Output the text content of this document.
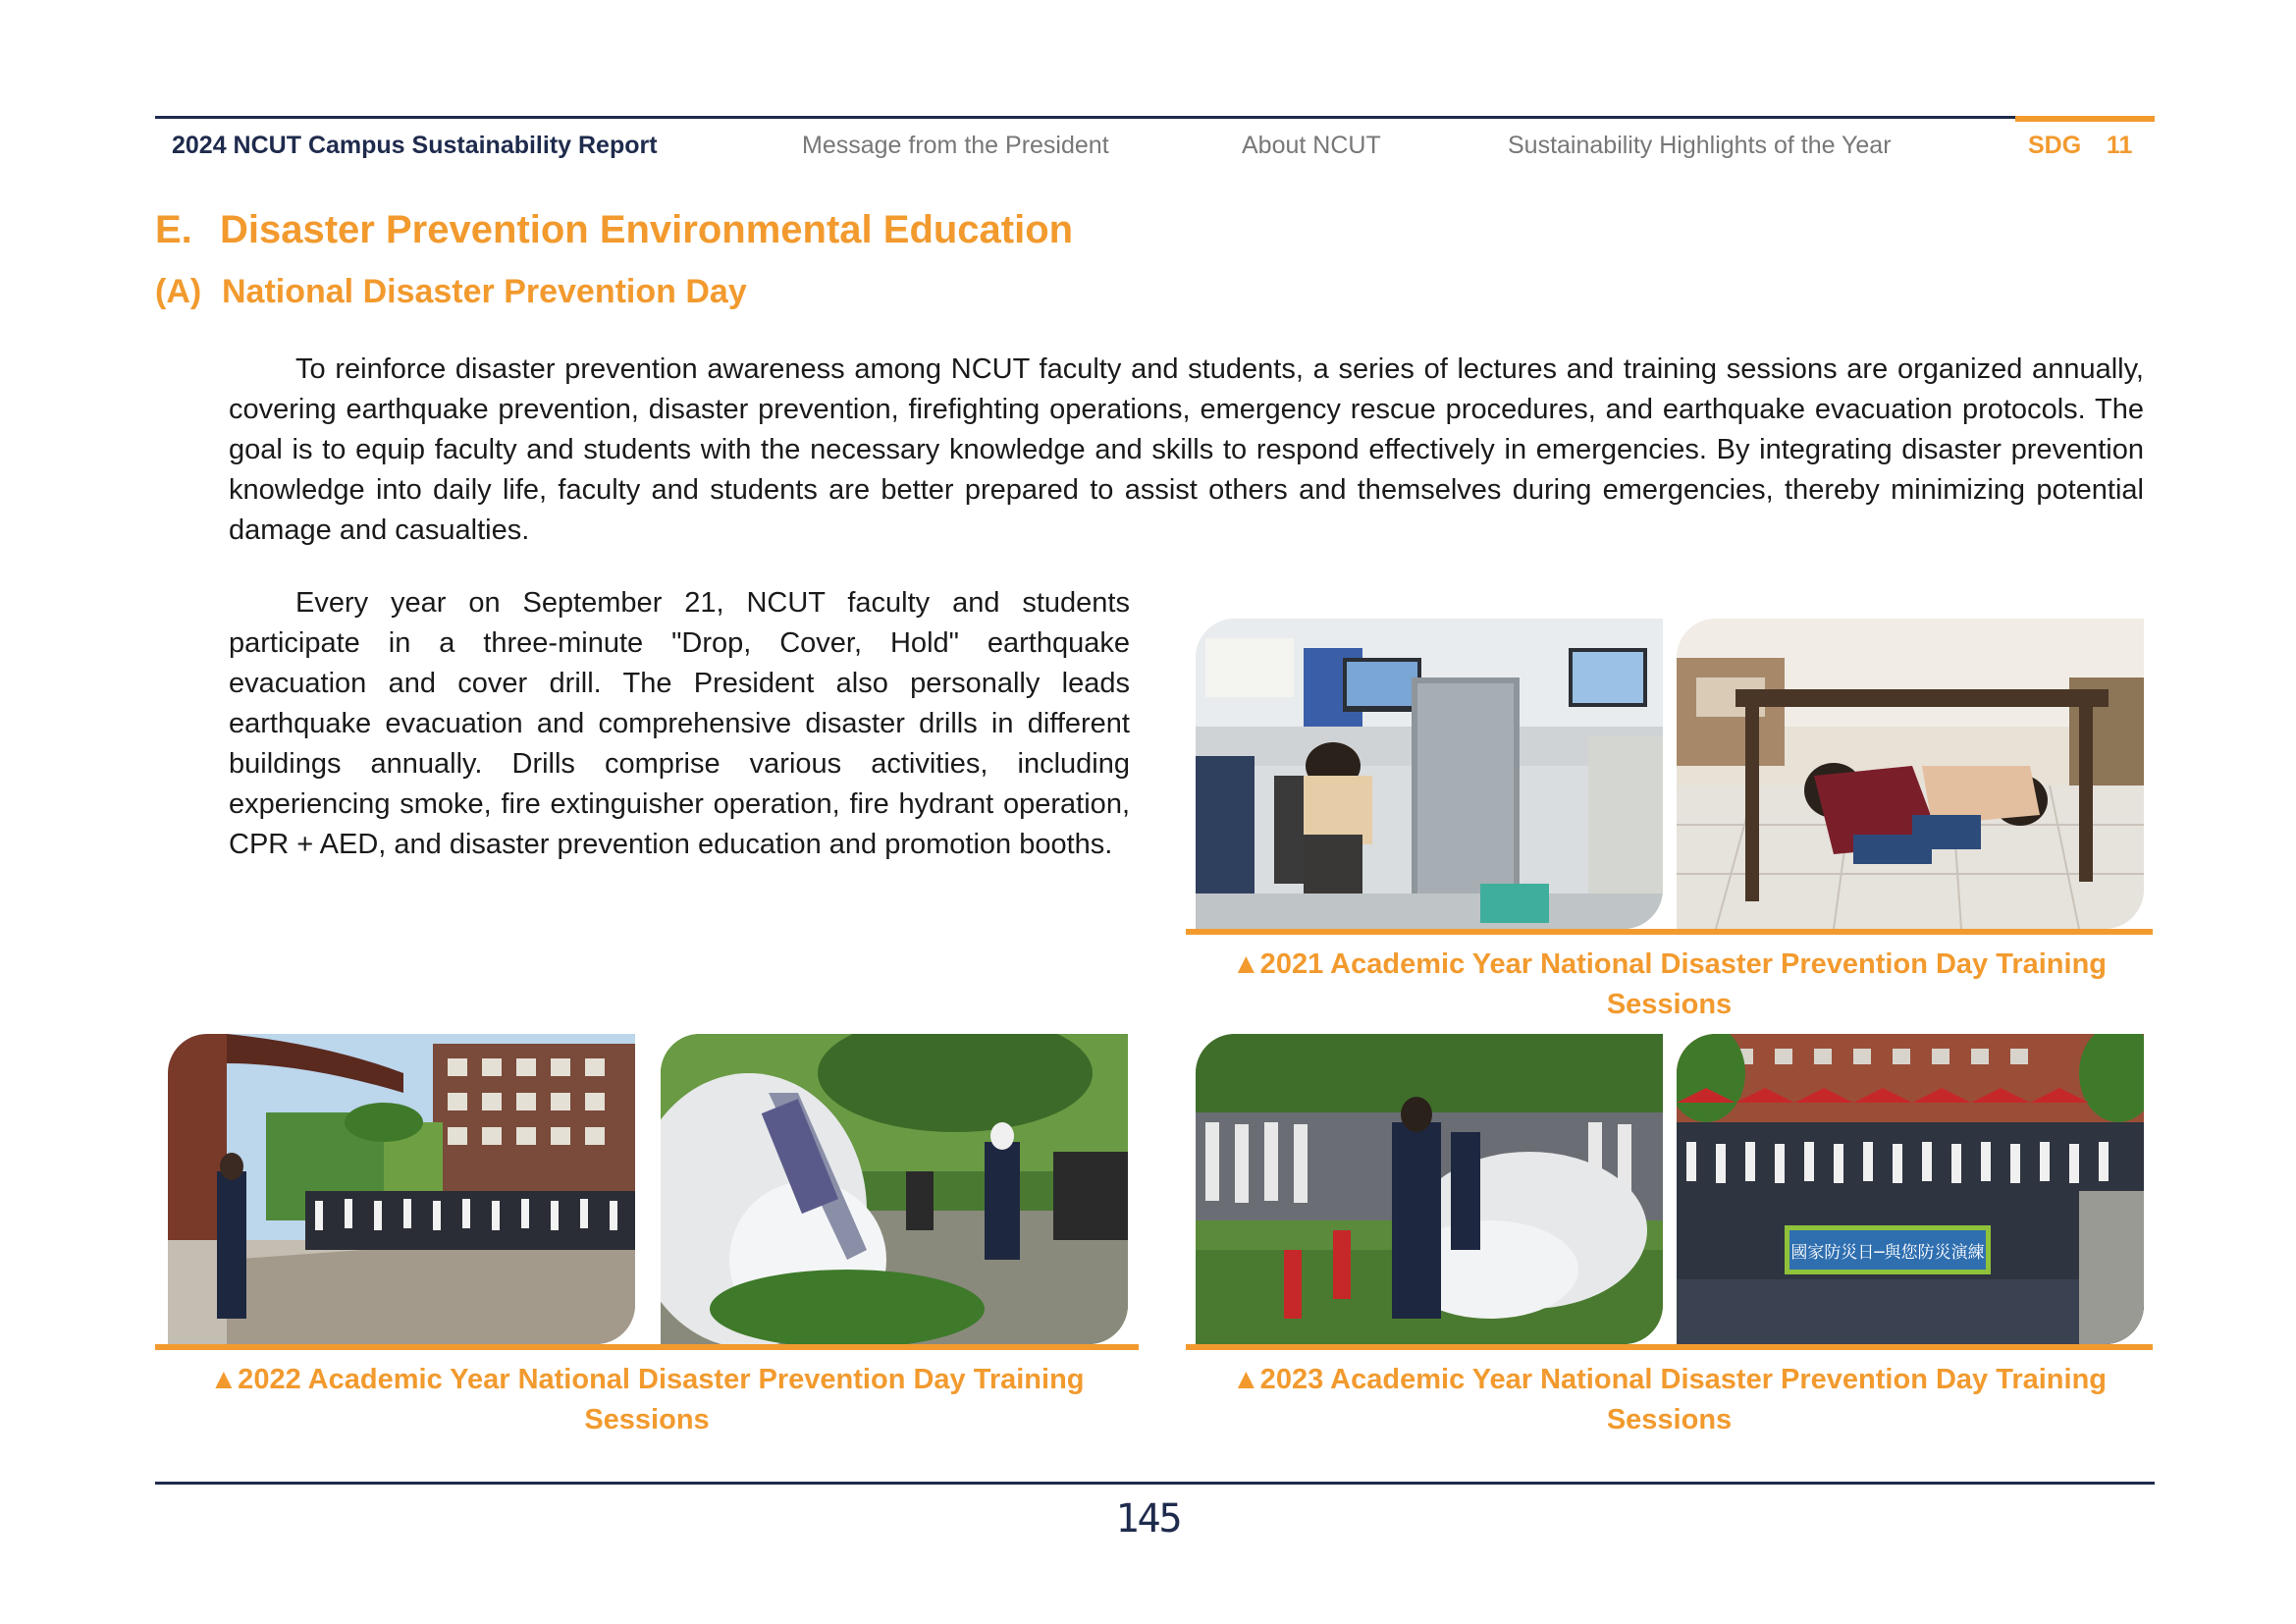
2024 NCUT Campus Sustainability Report	Message from the President	About NCUT	Sustainability Highlights of the Year	SDG 11
E. Disaster Prevention Environmental Education
(A) National Disaster Prevention Day

To reinforce disaster prevention awareness among NCUT faculty and students, a series of lectures and training sessions are organized annually, covering earthquake prevention, disaster prevention, firefighting operations, emergency rescue procedures, and earthquake evacuation protocols. The goal is to equip faculty and students with the necessary knowledge and skills to respond effectively in emergencies. By integrating disaster prevention knowledge into daily life, faculty and students are better prepared to assist others and themselves during emergencies, thereby minimizing potential damage and casualties.

Every year on September 21, NCUT faculty and students participate in a three-minute "Drop, Cover, Hold" earthquake evacuation and cover drill. The President also personally leads earthquake evacuation and comprehensive disaster drills in different buildings annually. Drills comprise various activities, including experiencing smoke, fire extinguisher operation, fire hydrant operation, CPR + AED, and disaster prevention education and promotion booths.

▲2021 Academic Year National Disaster Prevention Day Training Sessions
▲2022 Academic Year National Disaster Prevention Day Training Sessions
國家防災日─與您防災演練
▲2023 Academic Year National Disaster Prevention Day Training Sessions
145
